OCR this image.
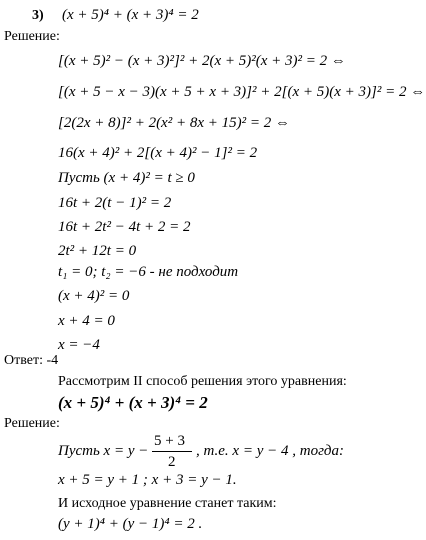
3) (x + 5)⁴ + (x + 3)⁴ = 2
Решение:
[(x + 5)² − (x + 3)²]² + 2(x + 5)²(x + 3)² = 2 ⇔
[(x + 5 − x − 3)(x + 5 + x + 3)]² + 2[(x + 5)(x + 3)]² = 2 ⇔
[2(2x + 8)]² + 2(x² + 8x + 15)² = 2 ⇔
16(x + 4)² + 2[(x + 4)² − 1]² = 2
Пусть (x + 4)² = t ≥ 0
16t + 2(t − 1)² = 2
16t + 2t² − 4t + 2 = 2
2t² + 12t = 0
t₁ = 0; t₂ = −6 - не подходит
(x + 4)² = 0
x + 4 = 0
x = −4
Ответ: -4
Рассмотрим II способ решения этого уравнения:
(x + 5)⁴ + (x + 3)⁴ = 2
Решение:
Пусть x = y −
5 + 3
2
, т.е. x = y − 4 , тогда:
x + 5 = y + 1 ; x + 3 = y − 1.
И исходное уравнение станет таким:
(y + 1)⁴ + (y − 1)⁴ = 2 .
